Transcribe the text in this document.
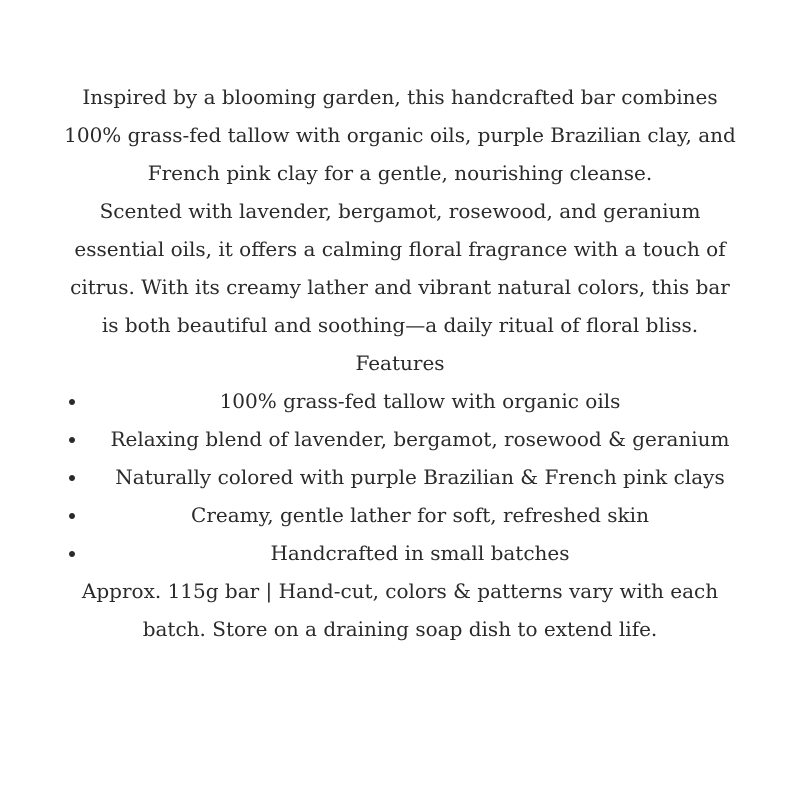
Inspired by a blooming garden, this handcrafted bar combines
100% grass-fed tallow with organic oils, purple Brazilian clay, and
French pink clay for a gentle, nourishing cleanse.
Scented with lavender, bergamot, rosewood, and geranium
essential oils, it offers a calming floral fragrance with a touch of
citrus. With its creamy lather and vibrant natural colors, this bar
is both beautiful and soothing—a daily ritual of floral bliss.
Features
• 100% grass-fed tallow with organic oils
• Relaxing blend of lavender, bergamot, rosewood & geranium
• Naturally colored with purple Brazilian & French pink clays
• Creamy, gentle lather for soft, refreshed skin
• Handcrafted in small batches
Approx. 115g bar | Hand-cut, colors & patterns vary with each
batch. Store on a draining soap dish to extend life.
